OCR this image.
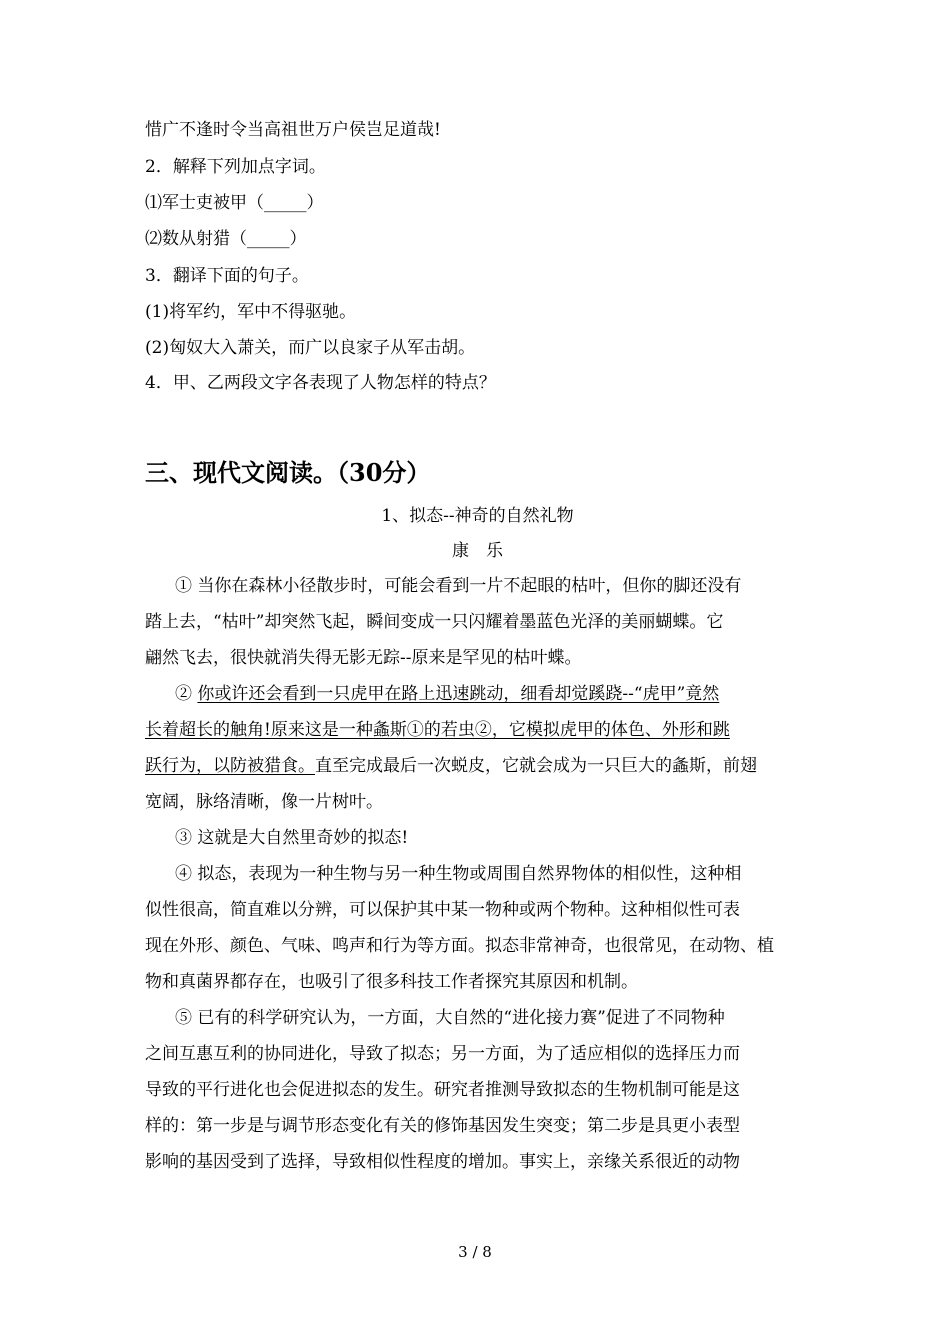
惜广不逢时令当高祖世万户侯岂足道哉!
2．解释下列加点字词。
⑴军士吏被甲（_____）
⑵数从射猎（_____）
3．翻译下面的句子。
(1)将军约，军中不得驱驰。
(2)匈奴大入萧关，而广以良家子从军击胡。
4．甲、乙两段文字各表现了人物怎样的特点？
三、现代文阅读。（30分）
1、拟态--神奇的自然礼物
康　乐
① 当你在森林小径散步时，可能会看到一片不起眼的枯叶，但你的脚还没有
踏上去，“枯叶”却突然飞起，瞬间变成一只闪耀着墨蓝色光泽的美丽蝴蝶。它
翩然飞去，很快就消失得无影无踪--原来是罕见的枯叶蝶。
② 你或许还会看到一只虎甲在路上迅速跳动，细看却觉蹊跷--“虎甲”竟然
长着超长的触角!原来这是一种螽斯①的若虫②，它模拟虎甲的体色、外形和跳
跃行为，以防被猎食。直至完成最后一次蜕皮，它就会成为一只巨大的螽斯，前翅
宽阔，脉络清晰，像一片树叶。
③ 这就是大自然里奇妙的拟态!
④ 拟态，表现为一种生物与另一种生物或周围自然界物体的相似性，这种相
似性很高，简直难以分辨，可以保护其中某一物种或两个物种。这种相似性可表
现在外形、颜色、气味、鸣声和行为等方面。拟态非常神奇，也很常见，在动物、植
物和真菌界都存在，也吸引了很多科技工作者探究其原因和机制。
⑤ 已有的科学研究认为，一方面，大自然的“进化接力赛”促进了不同物种
之间互惠互利的协同进化，导致了拟态；另一方面，为了适应相似的选择压力而
导致的平行进化也会促进拟态的发生。研究者推测导致拟态的生物机制可能是这
样的：第一步是与调节形态变化有关的修饰基因发生突变；第二步是具更小表型
影响的基因受到了选择，导致相似性程度的增加。事实上，亲缘关系很近的动物
3 / 8
